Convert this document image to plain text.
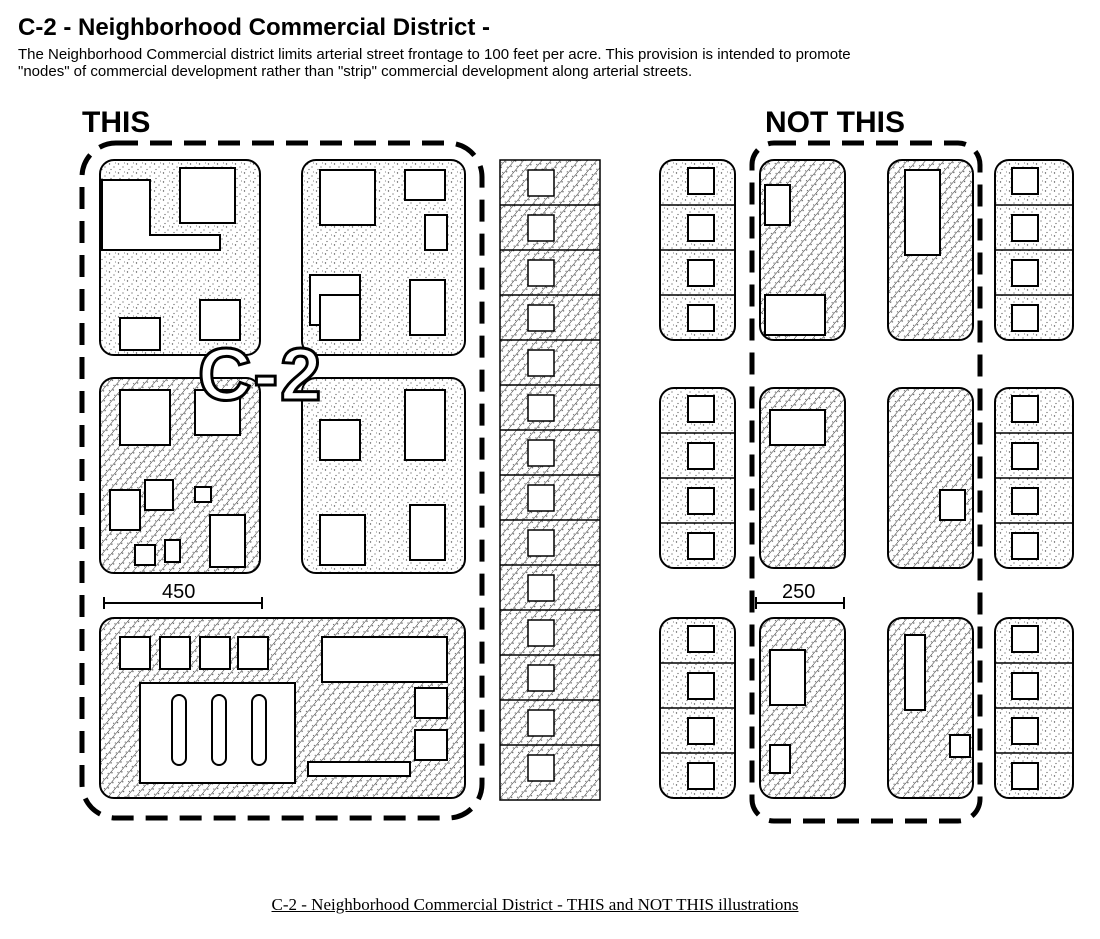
C-2 - Neighborhood Commercial District -
The Neighborhood Commercial district limits arterial street frontage to 100 feet per acre. This provision is intended to promote
"nodes" of commercial development rather than "strip" commercial development along arterial streets.
THIS	NOT THIS
C-2
450	250
C-2 - Neighborhood Commercial District - THIS and NOT THIS illustrations
